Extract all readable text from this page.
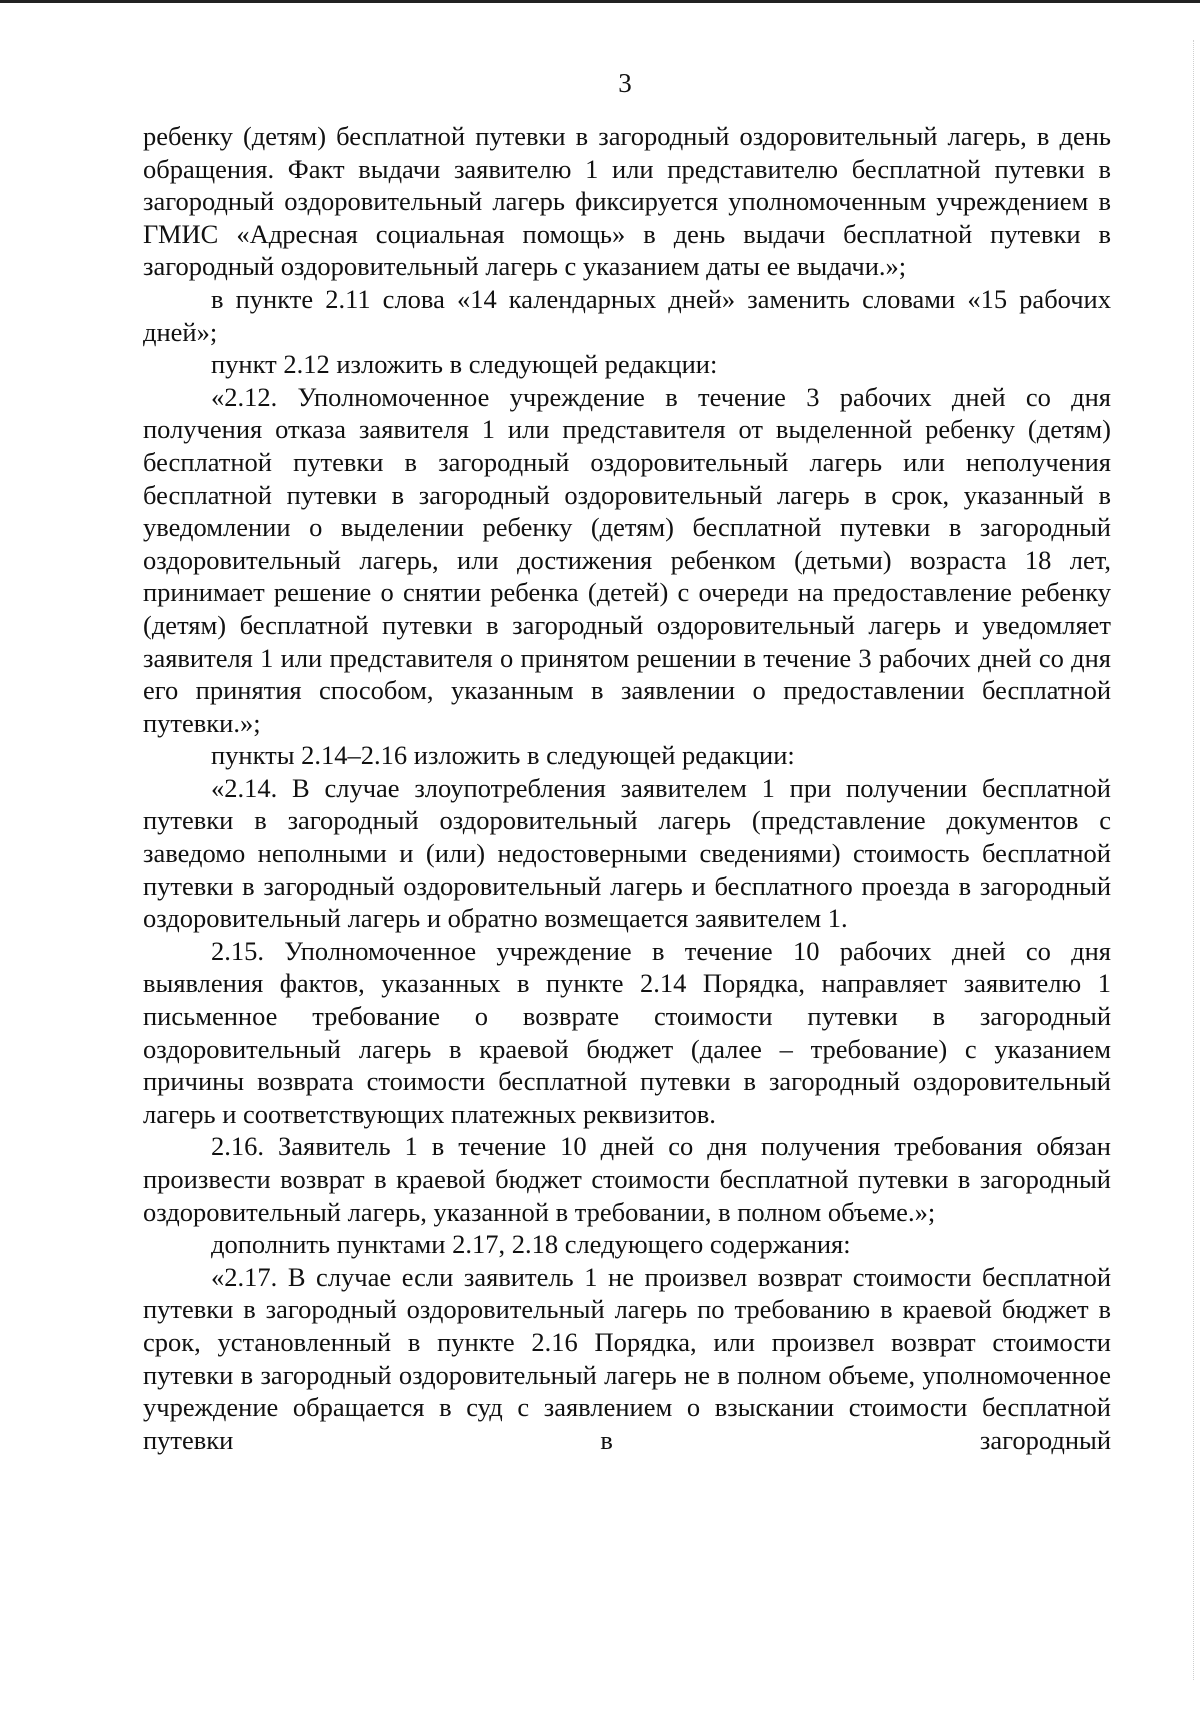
3

ребенку (детям) бесплатной путевки в загородный оздоровительный лагерь, в день обращения. Факт выдачи заявителю 1 или представителю бесплатной путевки в загородный оздоровительный лагерь фиксируется уполномоченным учреждением в ГМИС «Адресная социальная помощь» в день выдачи бесплатной путевки в загородный оздоровительный лагерь с указанием даты ее выдачи.»;

в пункте 2.11 слова «14 календарных дней» заменить словами «15 рабочих дней»;

пункт 2.12 изложить в следующей редакции:

«2.12. Уполномоченное учреждение в течение 3 рабочих дней со дня получения отказа заявителя 1 или представителя от выделенной ребенку (детям) бесплатной путевки в загородный оздоровительный лагерь или неполучения бесплатной путевки в загородный оздоровительный лагерь в срок, указанный в уведомлении о выделении ребенку (детям) бесплатной путевки в загородный оздоровительный лагерь, или достижения ребенком (детьми) возраста 18 лет, принимает решение о снятии ребенка (детей) с очереди на предоставление ребенку (детям) бесплатной путевки в загородный оздоровительный лагерь и уведомляет заявителя 1 или представителя о принятом решении в течение 3 рабочих дней со дня его принятия способом, указанным в заявлении о предоставлении бесплатной путевки.»;

пункты 2.14–2.16 изложить в следующей редакции:

«2.14. В случае злоупотребления заявителем 1 при получении бесплатной путевки в загородный оздоровительный лагерь (представление документов с заведомо неполными и (или) недостоверными сведениями) стоимость бесплатной путевки в загородный оздоровительный лагерь и бесплатного проезда в загородный оздоровительный лагерь и обратно возмещается заявителем 1.

2.15. Уполномоченное учреждение в течение 10 рабочих дней со дня выявления фактов, указанных в пункте 2.14 Порядка, направляет заявителю 1 письменное требование о возврате стоимости путевки в загородный оздоровительный лагерь в краевой бюджет (далее – требование) с указанием причины возврата стоимости бесплатной путевки в загородный оздоровительный лагерь и соответствующих платежных реквизитов.

2.16. Заявитель 1 в течение 10 дней со дня получения требования обязан произвести возврат в краевой бюджет стоимости бесплатной путевки в загородный оздоровительный лагерь, указанной в требовании, в полном объеме.»;

дополнить пунктами 2.17, 2.18 следующего содержания:

«2.17. В случае если заявитель 1 не произвел возврат стоимости бесплатной путевки в загородный оздоровительный лагерь по требованию в краевой бюджет в срок, установленный в пункте 2.16 Порядка, или произвел возврат стоимости путевки в загородный оздоровительный лагерь не в полном объеме, уполномоченное учреждение обращается в суд с заявлением о взыскании стоимости бесплатной путевки в загородный
